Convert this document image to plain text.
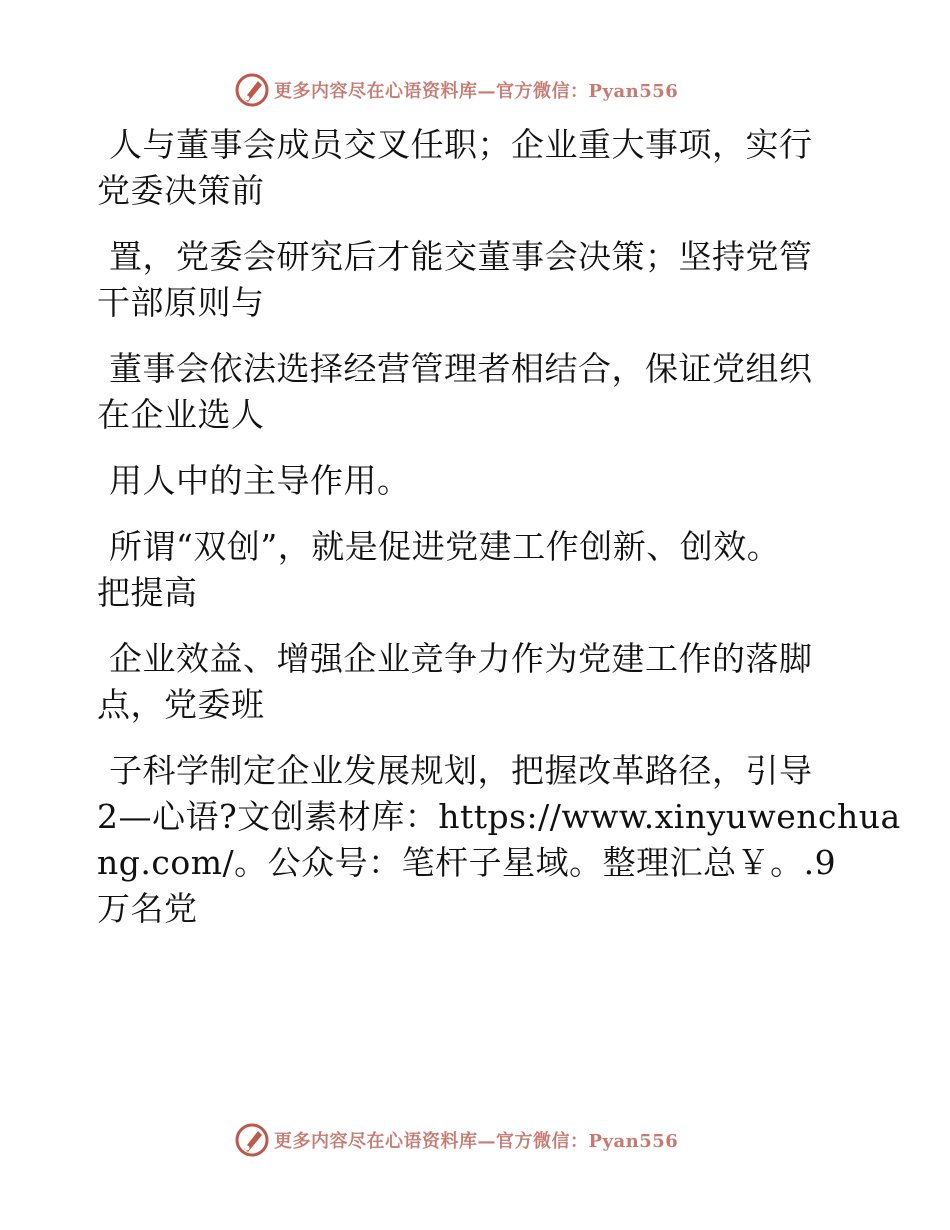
更多内容尽在心语资料库—官方微信：Pyan556
人与董事会成员交叉任职；企业重大事项，实行
党委决策前
置，党委会研究后才能交董事会决策；坚持党管
干部原则与
董事会依法选择经营管理者相结合，保证党组织
在企业选人
用人中的主导作用。
所谓“双创”，就是促进党建工作创新、创效。
把提高
企业效益、增强企业竞争力作为党建工作的落脚
点，党委班
子科学制定企业发展规划，把握改革路径，引导
2—心语?文创素材库：https://www.xinyuwenchua
ng.com/。公众号：笔杆子星域。整理汇总￥。.9
万名党
更多内容尽在心语资料库—官方微信：Pyan556
